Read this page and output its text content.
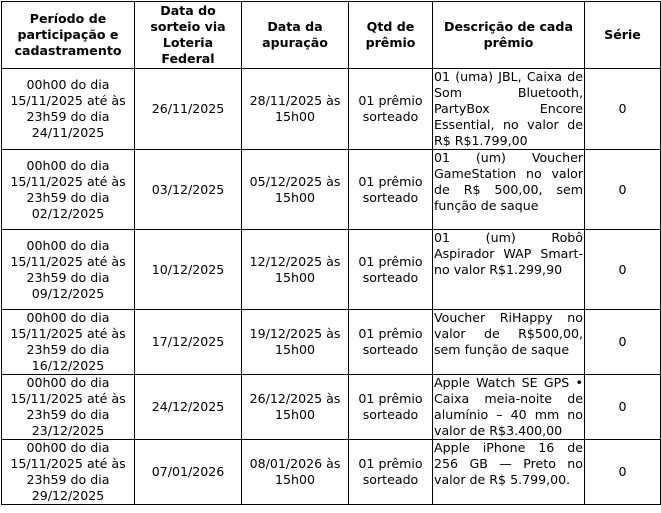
Período de participação e cadastramento	Data do sorteio via Loteria Federal	Data da apuração	Qtd de prêmio	Descrição de cada prêmio	Série
00h00 do dia 15/11/2025 até às 23h59 do dia 24/11/2025	26/11/2025	28/11/2025 às 15h00	01 prêmio sorteado	01 (uma) JBL, Caixa de Som Bluetooth, PartyBox Encore Essential, no valor de R$ R$1.799,00	0
00h00 do dia 15/11/2025 até às 23h59 do dia 02/12/2025	03/12/2025	05/12/2025 às 15h00	01 prêmio sorteado	01 (um) Voucher GameStation no valor de R$ 500,00, sem função de saque	0
00h00 do dia 15/11/2025 até às 23h59 do dia 09/12/2025	10/12/2025	12/12/2025 às 15h00	01 prêmio sorteado	01 (um) Robô Aspirador WAP Smart-no valor R$1.299,90	0
00h00 do dia 15/11/2025 até às 23h59 do dia 16/12/2025	17/12/2025	19/12/2025 às 15h00	01 prêmio sorteado	Voucher RiHappy no valor de R$500,00, sem função de saque	0
00h00 do dia 15/11/2025 até às 23h59 do dia 23/12/2025	24/12/2025	26/12/2025 às 15h00	01 prêmio sorteado	Apple Watch SE GPS • Caixa meia-noite de alumínio – 40 mm no valor de R$3.400,00	0
00h00 do dia 15/11/2025 até às 23h59 do dia 29/12/2025	07/01/2026	08/01/2026 às 15h00	01 prêmio sorteado	Apple iPhone 16 de 256 GB — Preto no valor de R$ 5.799,00.	0
